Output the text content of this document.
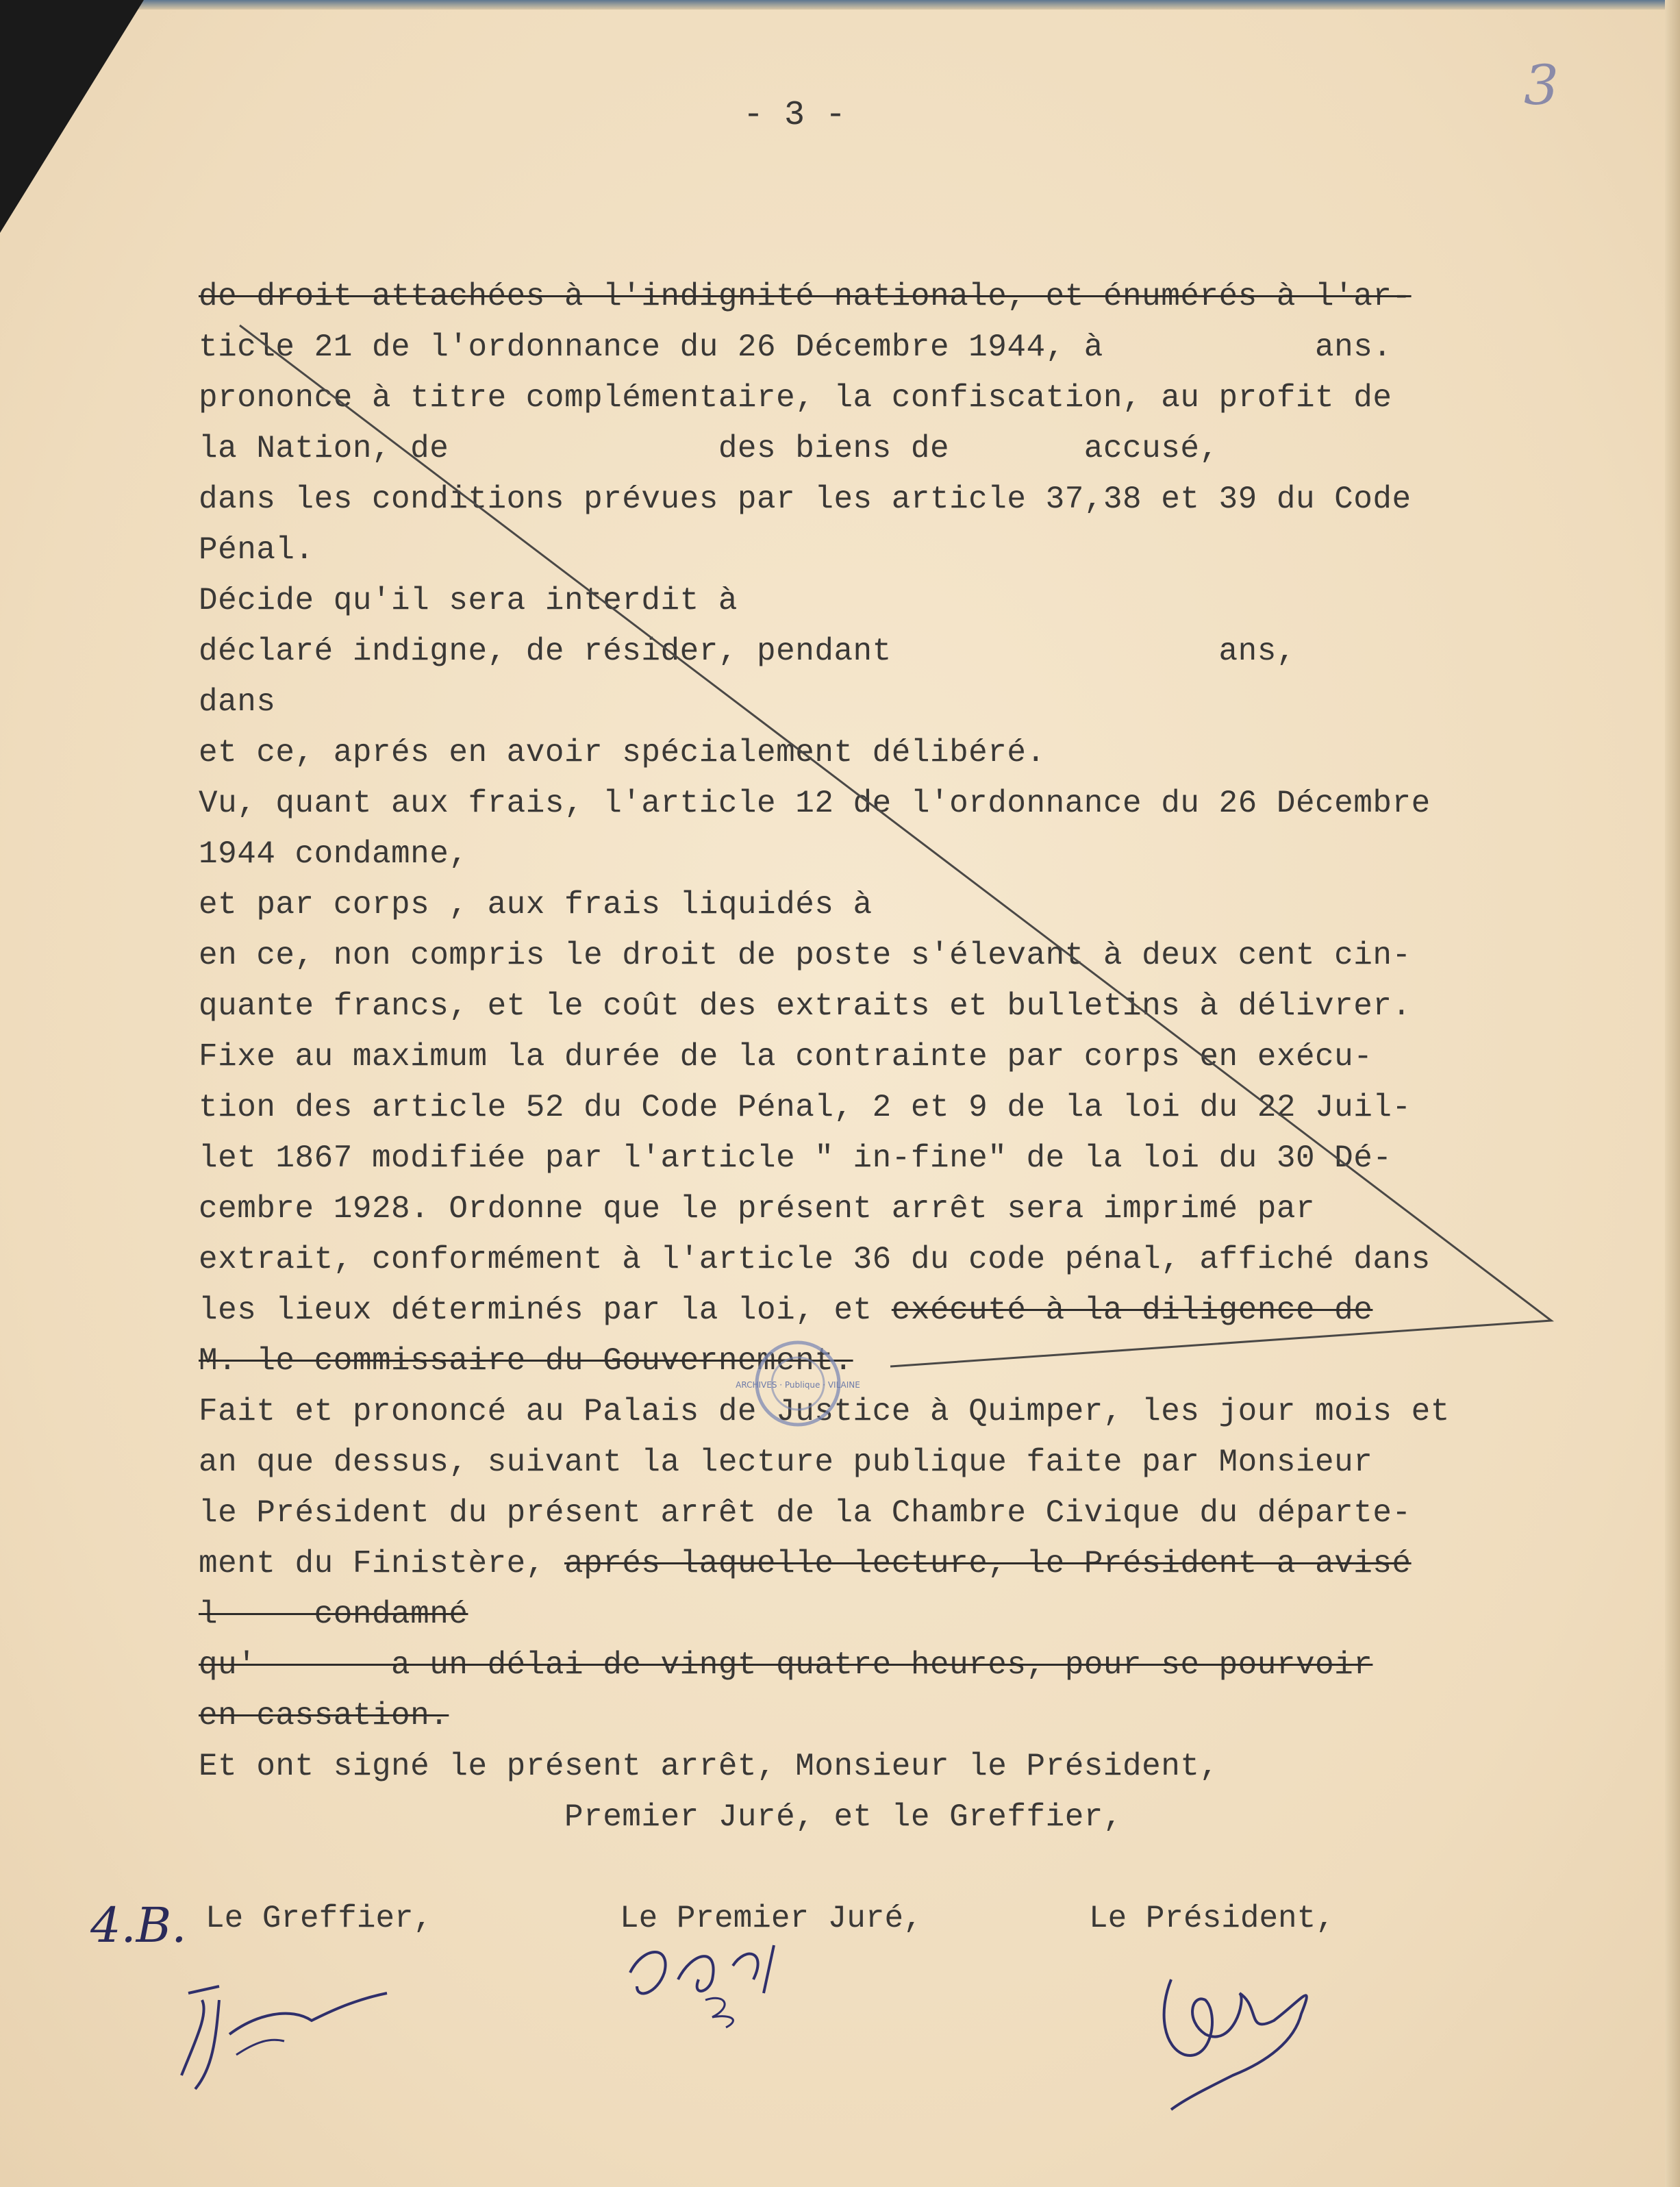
- 3 -	3
de droit attachées à l'indignité nationale, et énumérés à l'ar-
ticle 21 de l'ordonnance du 26 Décembre 1944, à           ans.
prononce à titre complémentaire, la confiscation, au profit de
la Nation, de              des biens de       accusé,
dans les conditions prévues par les article 37,38 et 39 du Code
Pénal.
Décide qu'il sera interdit à
déclaré indigne, de résider, pendant                 ans,
dans
et ce, aprés en avoir spécialement délibéré.
Vu, quant aux frais, l'article 12 de l'ordonnance du 26 Décembre
1944 condamne,
et par corps , aux frais liquidés à
en ce, non compris le droit de poste s'élevant à deux cent cin-
quante francs, et le coût des extraits et bulletins à délivrer.
Fixe au maximum la durée de la contrainte par corps en exécu-
tion des article 52 du Code Pénal, 2 et 9 de la loi du 22 Juil-
let 1867 modifiée par l'article " in-fine" de la loi du 30 Dé-
cembre 1928. Ordonne que le présent arrêt sera imprimé par
extrait, conformément à l'article 36 du code pénal, affiché dans
les lieux déterminés par la loi, et exécuté à la diligence de
M. le commissaire du Gouvernement.
Fait et prononcé au Palais de Justice à Quimper, les jour mois et
an que dessus, suivant la lecture publique faite par Monsieur
le Président du présent arrêt de la Chambre Civique du départe-
ment du Finistère, aprés laquelle lecture, le Président a avisé
l     condamné
qu'       a un délai de vingt quatre heures, pour se pourvoir
en cassation.
Et ont signé le présent arrêt, Monsieur le Président,
Premier Juré, et le Greffier,
ARCHIVES · Publique · VILAINE
4.B. Le Greffier,	Le Premier Juré,	Le Président,
